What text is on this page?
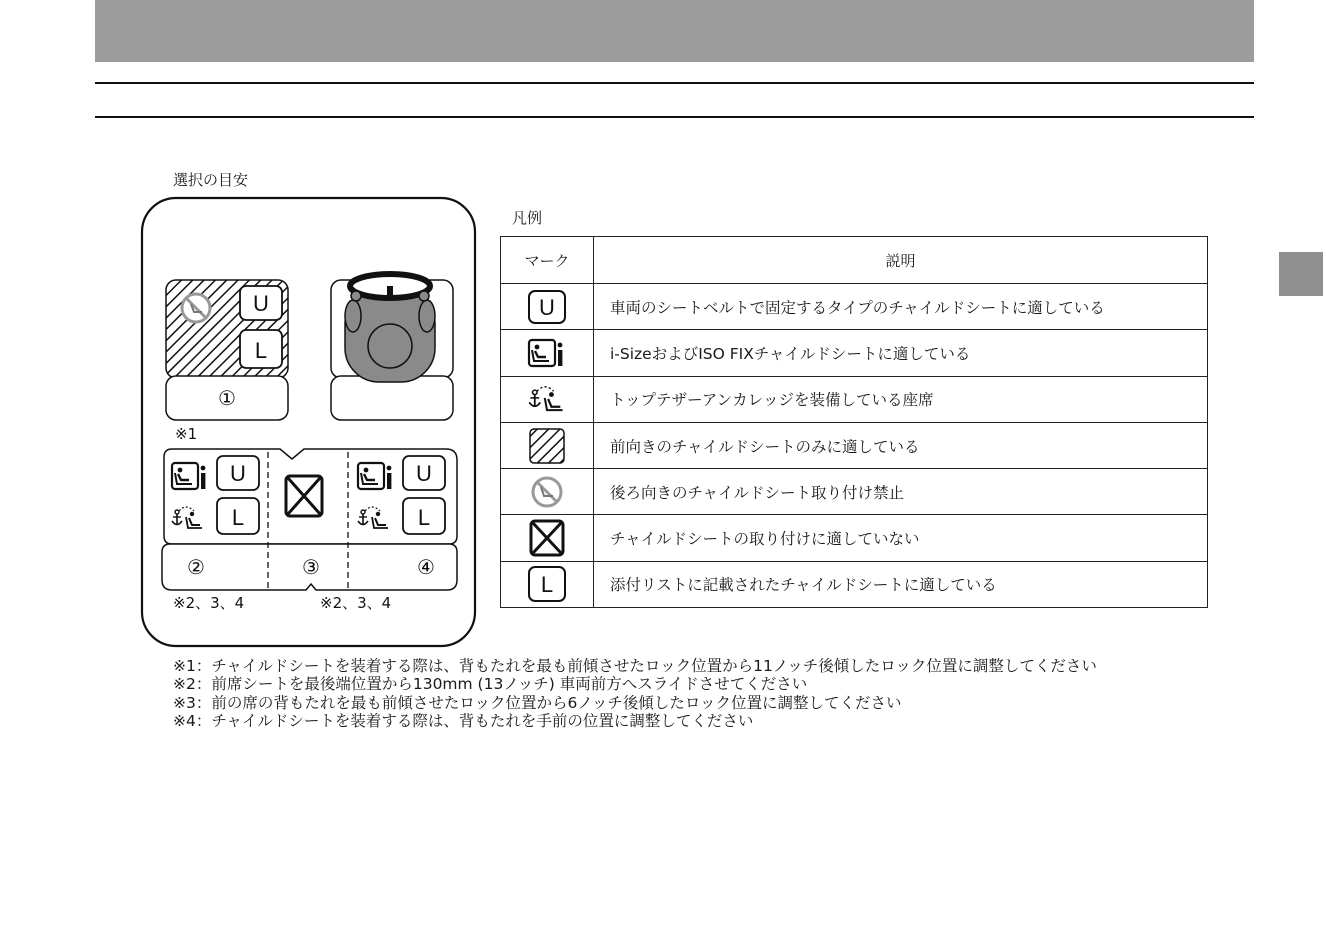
選択の目安
凡例
U
L
①
※1
U
L
②	③
U
L
④
※2、3、4	※2、3、4
マーク	説明

U	車両のシートベルトで固定するタイプのチャイルドシートに適している

	i-SizeおよびISO FIXチャイルドシートに適している

	トップテザーアンカレッジを装備している座席

	前向きのチャイルドシートのみに適している

	後ろ向きのチャイルドシート取り付け禁止

	チャイルドシートの取り付けに適していない

L	添付リストに記載されたチャイルドシートに適している
※1：チャイルドシートを装着する際は、背もたれを最も前傾させたロック位置から11ノッチ後傾したロック位置に調整してください
※2：前席シートを最後端位置から130mm (13ノッチ) 車両前方へスライドさせてください
※3：前の席の背もたれを最も前傾させたロック位置から6ノッチ後傾したロック位置に調整してください
※4：チャイルドシートを装着する際は、背もたれを手前の位置に調整してください
